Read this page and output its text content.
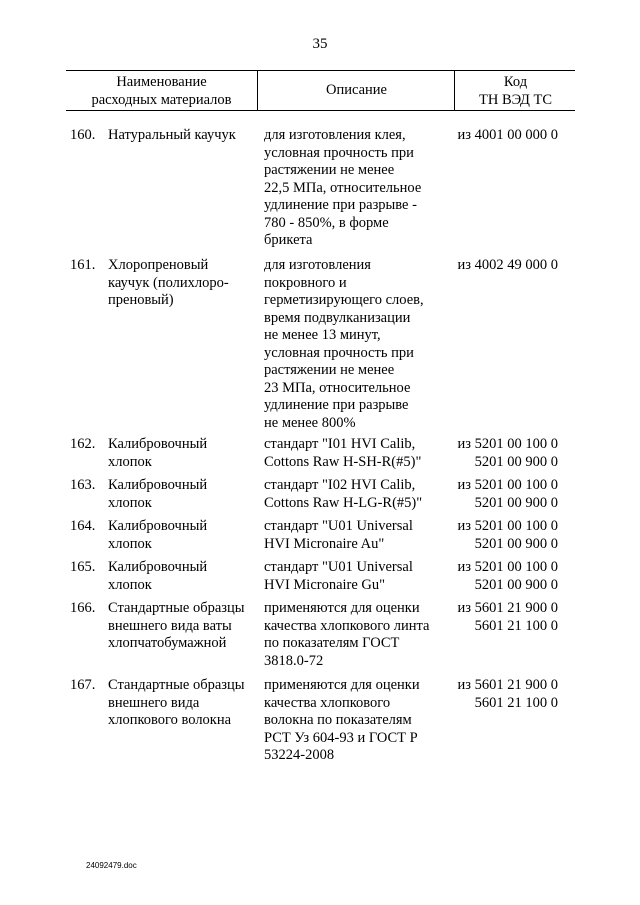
35
Наименование
расходных материалов
Описание	Код
ТН ВЭД ТС
160. Натуральный каучук	для изготовления клея,
условная прочность при
растяжении не менее
22,5 МПа, относительное
удлинение при разрыве -
780 - 850%, в форме
брикета
из 4001 00 000 0
161. Хлоропреновый
каучук (полихлоро-
преновый)
для изготовления
покровного и
герметизирующего слоев,
время подвулканизации
не менее 13 минут,
условная прочность при
растяжении не менее
23 МПа, относительное
удлинение при разрыве
не менее 800%
из 4002 49 000 0
162. Калибровочный
хлопок
стандарт "I01 HVI Calib,
Cottons Raw H-SH-R(#5)"
из 5201 00 100 0
5201 00 900 0
163. Калибровочный
хлопок
стандарт "I02 HVI Calib,
Cottons Raw H-LG-R(#5)"
из 5201 00 100 0
5201 00 900 0
164. Калибровочный
хлопок
стандарт "U01 Universal
HVI Micronaire Au"
из 5201 00 100 0
5201 00 900 0
165. Калибровочный
хлопок
стандарт "U01 Universal
HVI Micronaire Gu"
из 5201 00 100 0
5201 00 900 0
166. Стандартные образцы
внешнего вида ваты
хлопчатобумажной
применяются для оценки
качества хлопкового линта
по показателям ГОСТ
3818.0-72
из 5601 21 900 0
5601 21 100 0
167. Стандартные образцы
внешнего вида
хлопкового волокна
применяются для оценки
качества хлопкового
волокна по показателям
РСТ Уз 604-93 и ГОСТ Р
53224-2008
из 5601 21 900 0
5601 21 100 0
24092479.doc
